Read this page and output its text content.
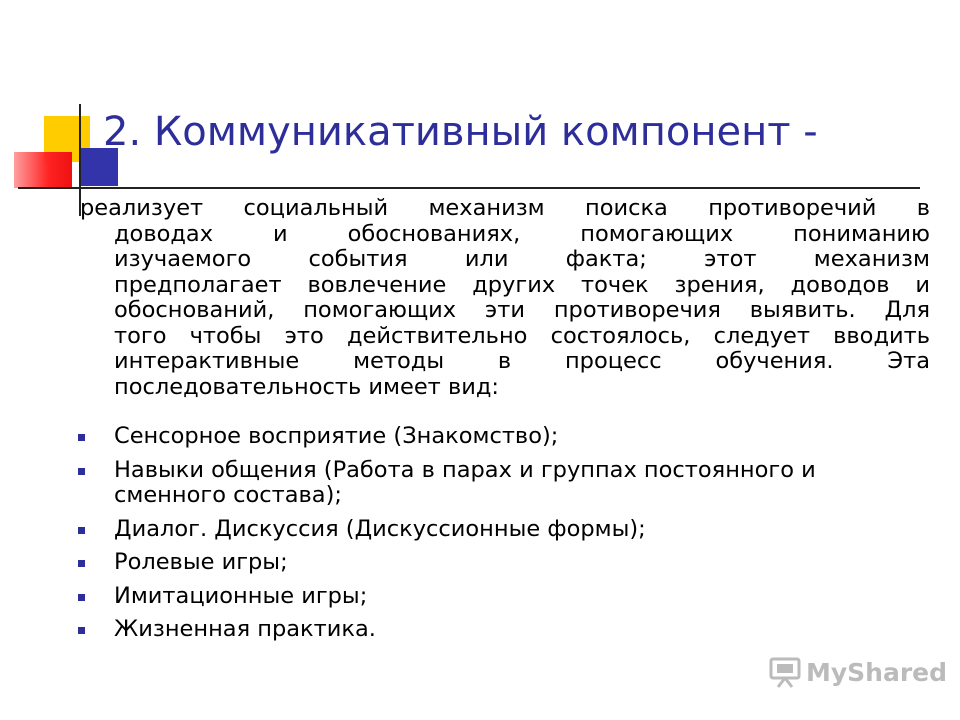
2. Коммуникативный компонент -
реализует социальный механизм поиска противоречий в
доводах и обоснованиях, помогающих пониманию
изучаемого события или факта; этот механизм
предполагает вовлечение других точек зрения, доводов и
обоснований, помогающих эти противоречия выявить. Для
того чтобы это действительно состоялось, следует вводить
интерактивные методы в процесс обучения. Эта
последовательность имеет вид:
Сенсорное восприятие (Знакомство);
Навыки общения (Работа в парах и группах постоянного и сменного состава);
Диалог. Дискуссия (Дискуссионные формы);
Ролевые игры;
Имитационные игры;
Жизненная практика.
MyShared
